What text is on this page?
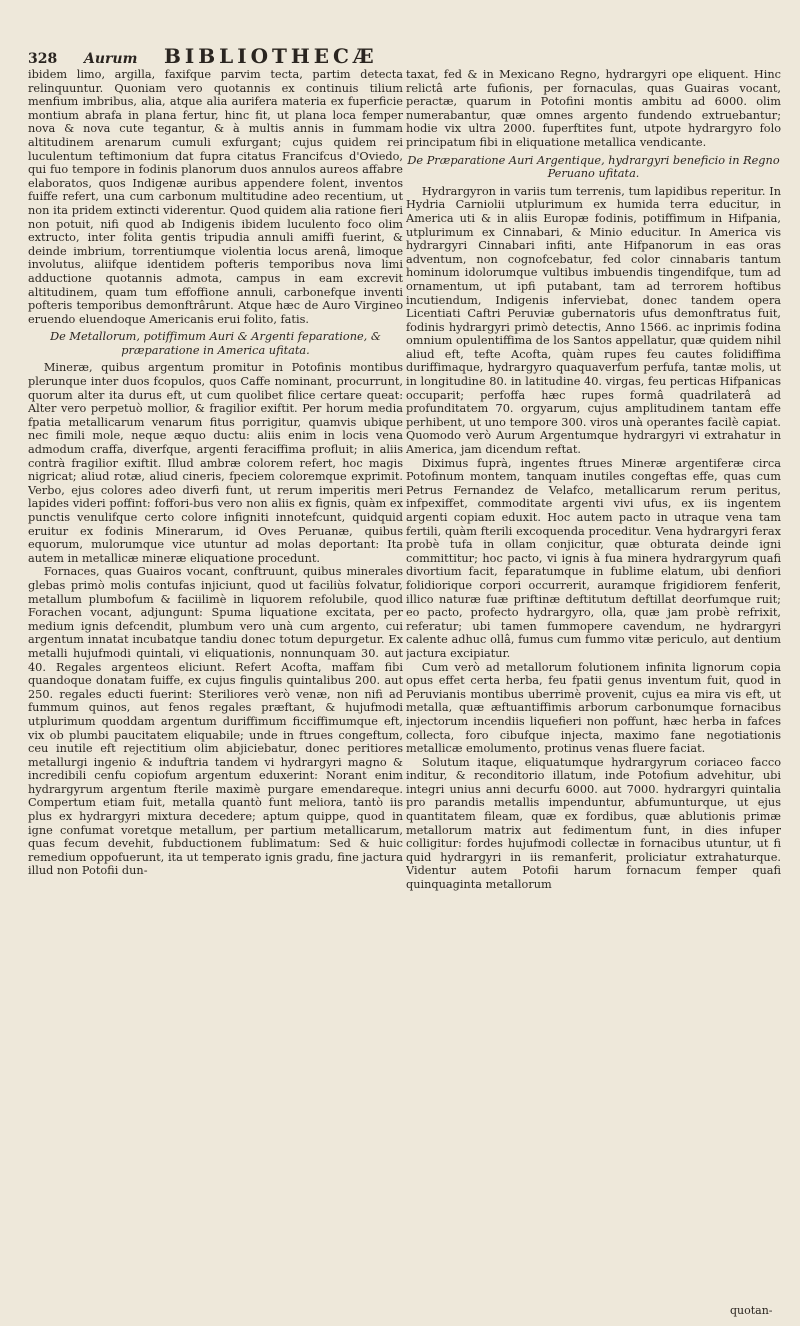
328	Aurum	BIBLIOTHECÆ

ibidem limo, argilla, faxifque parvim tecta, partim detecta relinquuntur. Quoniam vero quotannis ex continuis tilium menfium imbribus, alia, atque alia aurifera materia ex fuperficie montium abrafa in plana fertur, hinc fit, ut plana loca femper nova & nova cute tegantur, & à multis annis in fummam altitudinem arenarum cumuli exfurgant; cujus quidem rei luculentum teftimonium dat fupra citatus Francifcus d'Oviedo, qui fuo tempore in fodinis planorum duos annulos aureos affabre elaboratos, quos Indigenæ auribus appendere folent, inventos fuiffe refert, una cum carbonum multitudine adeo recentium, ut non ita pridem extincti viderentur. Quod quidem alia ratione fieri non potuit, nifi quod ab Indigenis ibidem luculento foco olim extructo, inter folita gentis tripudia annuli amiffi fuerint, & deinde imbrium, torrentiumque violentia locus arenâ, limoque involutus, aliifque identidem pofteris temporibus nova limi adductione quotannis admota, campus in eam excrevit altitudinem, quam tum effoffione annuli, carbonefque inventi pofteris temporibus demonftrârunt. Atque hæc de Auro Virgineo eruendo eluendoque Americanis erui folito, fatis.

De Metallorum, potiffimum Auri & Argenti feparatione, & præparatione in America ufitata.

Mineræ, quibus argentum promitur in Potofinis montibus plerunque inter duos fcopulos, quos Caffe nominant, procurrunt, quorum alter ita durus eft, ut cum quolibet filice certare queat: Alter vero perpetuò mollior, & fragilior exiftit. Per horum media fpatia metallicarum venarum fitus porrigitur, quamvis ubique nec fimili mole, neque æquo ductu: aliis enim in locis vena admodum craffa, diverfque, argenti feraciffima profluit; in aliis contrà fragilior exiftit. Illud ambræ colorem refert, hoc magis nigricat; aliud rotæ, aliud cineris, fpeciem coloremque exprimit. Verbo, ejus colores adeo diverfi funt, ut rerum imperitis meri lapides videri poffint: foffori-bus vero non aliis ex fignis, quàm ex punctis venulifque certo colore infigniti innotefcunt, quidquid eruitur ex fodinis Minerarum, id Oves Peruanæ, quibus equorum, mulorumque vice utuntur ad molas deportant: Ita autem in metallicæ mineræ eliquatione procedunt.

Fornaces, quas Guairos vocant, conftruunt, quibus minerales glebas primò molis contufas injiciunt, quod ut faciliùs folvatur, metallum plumbofum & faciilimè in liquorem refolubile, quod Forachen vocant, adjungunt: Spuma liquatione excitata, per medium ignis defcendit, plumbum vero unà cum argento, cui argentum innatat incubatque tandiu donec totum depurgetur. Ex metalli hujufmodi quintali, vi eliquationis, nonnunquam 30. aut 40. Regales argenteos eliciunt. Refert Acofta, maffam fibi quandoque donatam fuiffe, ex cujus fingulis quintalibus 200. aut 250. regales educti fuerint: Steriliores verò venæ, non nifi ad fummum quinos, aut fenos regales præftant, & hujufmodi utplurimum quoddam argentum duriffimum ficciffimumque eft, vix ob plumbi paucitatem eliquabile; unde in ftrues congeftum, ceu inutile eft rejectitium olim abjiciebatur, donec peritiores metallurgi ingenio & induftria tandem vi hydrargyri magno & incredibili cenfu copiofum argentum eduxerint: Norant enim hydrargyrum argentum fterile maximè purgare emendareque. Compertum etiam fuit, metalla quantò funt meliora, tantò iis plus ex hydrargyri mixtura decedere; aptum quippe, quod in igne confumat voretque metallum, per partium metallicarum, quas fecum devehit, fubductionem fublimatum: Sed & huic remedium oppofuerunt, ita ut temperato ignis gradu, fine jactura illud non Potofii dun-

taxat, fed & in Mexicano Regno, hydrargyri ope eliquent. Hinc relictâ arte fufionis, per fornaculas, quas Guairas vocant, peractæ, quarum in Potofini montis ambitu ad 6000. olim numerabantur, quæ omnes argento fundendo extruebantur; hodie vix ultra 2000. fuperftites funt, utpote hydrargyro folo principatum fibi in eliquatione metallica vendicante.

De Præparatione Auri Argentique, hydrargyri beneficio in Regno Peruano ufitata.

Hydrargyron in variis tum terrenis, tum lapidibus reperitur. In Hydria Carniolii utplurimum ex humida terra educitur, in America uti & in aliis Europæ fodinis, potiffimum in Hifpania, utplurimum ex Cinnabari, & Minio educitur. In America vis hydrargyri Cinnabari infiti, ante Hifpanorum in eas oras adventum, non cognofcebatur, fed color cinnabaris tantum hominum idolorumque vultibus imbuendis tingendifque, tum ad ornamentum, ut ipfi putabant, tam ad terrorem hoftibus incutiendum, Indigenis inferviebat, donec tandem opera Licentiati Caftri Peruviæ gubernatoris ufus demonftratus fuit, fodinis hydrargyri primò detectis, Anno 1566. ac inprimis fodina omnium opulentiffima de los Santos appellatur, quæ quidem nihil aliud eft, tefte Acofta, quàm rupes feu cautes folidiffima duriffimaque, hydrargyro quaquaverfum perfufa, tantæ molis, ut in longitudine 80. in latitudine 40. virgas, feu perticas Hifpanicas occuparit; perfoffa hæc rupes formâ quadrilaterâ ad profunditatem 70. orgyarum, cujus amplitudinem tantam effe perhibent, ut uno tempore 300. viros unà operantes facilè capiat. Quomodo verò Aurum Argentumque hydrargyri vi extrahatur in America, jam dicendum reftat.

Diximus fuprà, ingentes ftrues Mineræ argentiferæ circa Potofinum montem, tanquam inutiles congeftas effe, quas cum Petrus Fernandez de Velafco, metallicarum rerum peritus, infpexiffet, commoditate argenti vivi ufus, ex iis ingentem argenti copiam eduxit. Hoc autem pacto in utraque vena tam fertili, quàm fterili excoquenda proceditur. Vena hydrargyri ferax probè tufa in ollam conjicitur, quæ obturata deinde igni committitur; hoc pacto, vi ignis à fua minera hydrargyrum quafi divortium facit, feparatumque in fublime elatum, ubi denfiori folidiorique corpori occurrerit, auramque frigidiorem fenferit, illico naturæ fuæ priftinæ deftitutum deftillat deorfumque ruit; eo pacto, profecto hydrargyro, olla, quæ jam probè refrixit, referatur; ubi tamen fummopere cavendum, ne hydrargyri calente adhuc ollâ, fumus cum fummo vitæ periculo, aut dentium jactura excipiatur.

Cum verò ad metallorum folutionem infinita lignorum copia opus effet certa herba, feu fpatii genus inventum fuit, quod in Peruvianis montibus uberrimè provenit, cujus ea mira vis eft, ut metalla, quæ æftuantiffimis arborum carbonumque fornacibus injectorum incendiis liquefieri non poffunt, hæc herba in fafces collecta, foro cibufque injecta, maximo fane negotiationis metallicæ emolumento, protinus venas fluere faciat.

Solutum itaque, eliquatumque hydrargyrum coriaceo facco inditur, & reconditorio illatum, inde Potofium advehitur, ubi integri unius anni decurfu 6000. aut 7000. hydrargyri quintalia pro parandis metallis impenduntur, abfumunturque, ut ejus quantitatem fileam, quæ ex fordibus, quæ ablutionis primæ metallorum matrix aut fedimentum funt, in dies infuper colligitur: fordes hujufmodi collectæ in fornacibus utuntur, ut fi quid hydrargyri in iis remanferit, proliciatur extrahaturque. Videntur autem Potofii harum fornacum femper quafi quinquaginta metallorum

quotan-
